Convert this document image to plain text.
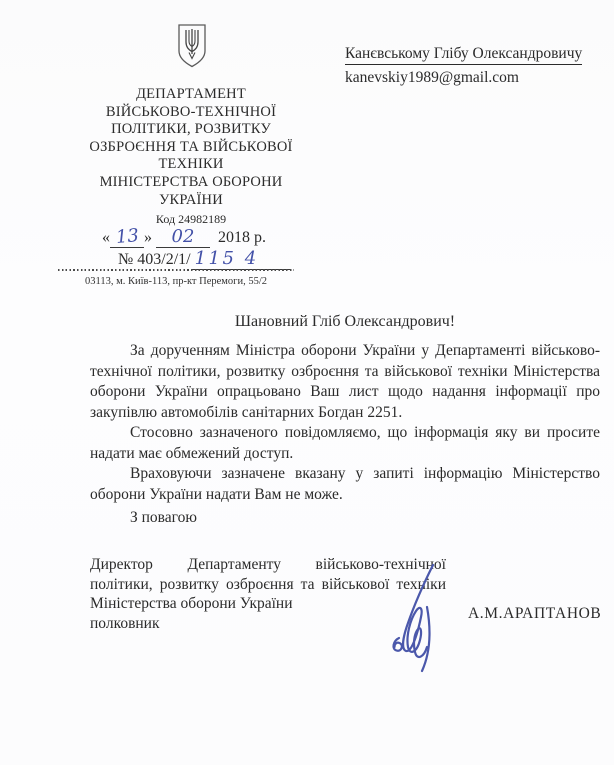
Канєвському Глібу Олександровичу
kanevskiy1989@gmail.com
ДЕПАРТАМЕНТ
ВІЙСЬКОВО-ТЕХНІЧНОЇ
ПОЛІТИКИ, РОЗВИТКУ
ОЗБРОЄННЯ ТА ВІЙСЬКОВОЇ
ТЕХНІКИ
МІНІСТЕРСТВА ОБОРОНИ
УКРАЇНИ
Код 24982189
« 13 » 02 2018 р.
№ 403/2/1/ 115 4
03113, м. Київ-113, пр-кт Перемоги, 55/2
Шановний Гліб Олександрович!

За дорученням Міністра оборони України у Департаменті військово-технічної політики, розвитку озброєння та військової техніки Міністерства оборони України опрацьовано Ваш лист щодо надання інформації про закупівлю автомобілів санітарних Богдан 2251.

Стосовно зазначеного повідомляємо, що інформація яку ви просите надати має обмежений доступ.

Враховуючи зазначене вказану у запиті інформацію Міністерство оборони України надати Вам не може.

З повагою
Директор Департаменту військово-технічної
політики, розвитку озброєння та військової техніки
Міністерства оборони України
полковник
А.М.АРАПТАНОВ
